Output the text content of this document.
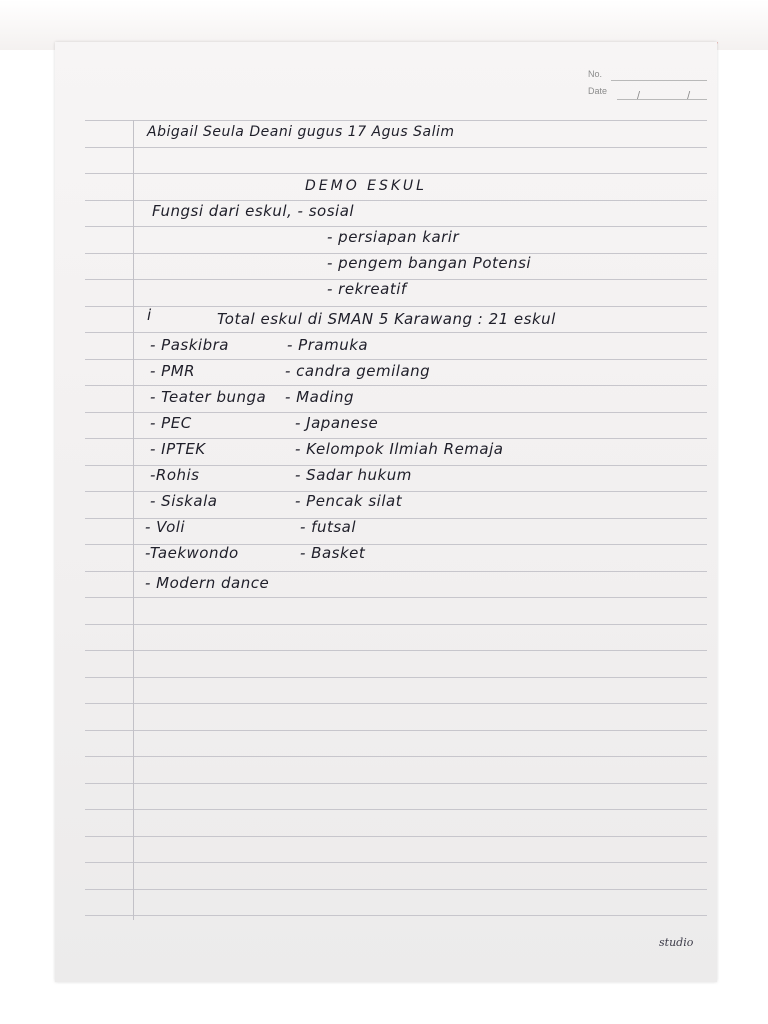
No.
Date	/ /
Abigail Seula Deani gugus 17 Agus Salim
DEMO ESKUL
Fungsi dari eskul, - sosial
- persiapan karir
- pengem bangan Potensi
- rekreatif
i	Total eskul di SMAN 5 Karawang : 21 eskul
- Paskibra
- PMR
- Teater bunga
- PEC
- IPTEK
-Rohis
- Siskala
- Voli
-Taekwondo
- Modern dance
- Pramuka
- candra gemilang
- Mading
- Japanese
- Kelompok Ilmiah Remaja
- Sadar hukum
- Pencak silat
- futsal
- Basket
studio
